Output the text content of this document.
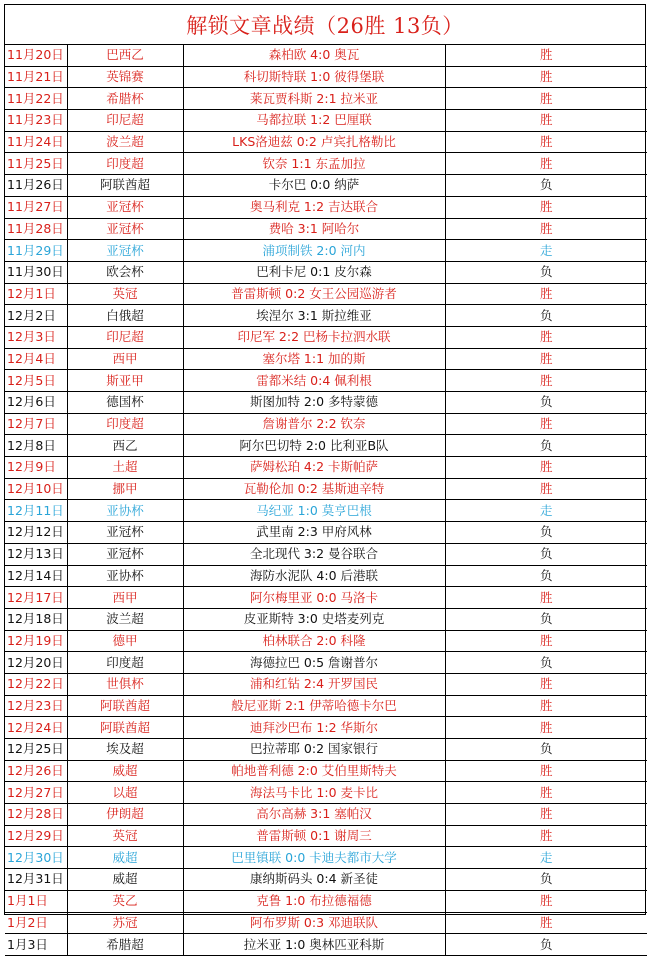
解锁文章战绩（26胜 13负）
11月20日	巴西乙	森柏欧 4:0 奥瓦	胜
11月21日	英锦赛	科切斯特联 1:0 彼得堡联	胜
11月22日	希腊杯	莱瓦贾科斯 2:1 拉米亚	胜
11月23日	印尼超	马都拉联 1:2 巴厘联	胜
11月24日	波兰超	LKS洛迪兹 0:2 卢宾扎格勒比	胜
11月25日	印度超	钦奈 1:1 东孟加拉	胜
11月26日	阿联酋超	卡尔巴 0:0 纳萨	负
11月27日	亚冠杯	奥马利克 1:2 吉达联合	胜
11月28日	亚冠杯	费哈 3:1 阿哈尔	胜
11月29日	亚冠杯	浦项制铁 2:0 河内	走
11月30日	欧会杯	巴利卡尼 0:1 皮尔森	负
12月1日	英冠	普雷斯顿 0:2 女王公园巡游者	胜
12月2日	白俄超	埃涅尔 3:1 斯拉维亚	负
12月3日	印尼超	印尼军 2:2 巴杨卡拉泗水联	胜
12月4日	西甲	塞尔塔 1:1 加的斯	胜
12月5日	斯亚甲	雷都米结 0:4 佩利根	胜
12月6日	德国杯	斯图加特 2:0 多特蒙德	负
12月7日	印度超	詹谢普尔 2:2 钦奈	胜
12月8日	西乙	阿尔巴切特 2:0 比利亚B队	负
12月9日	土超	萨姆松珀 4:2 卡斯帕萨	胜
12月10日	挪甲	瓦勒伦加 0:2 基斯迪辛特	胜
12月11日	亚协杯	马纪亚 1:0 莫亨巴根	走
12月12日	亚冠杯	武里南 2:3 甲府风林	负
12月13日	亚冠杯	全北现代 3:2 曼谷联合	负
12月14日	亚协杯	海防水泥队 4:0 后港联	负
12月17日	西甲	阿尔梅里亚 0:0 马洛卡	胜
12月18日	波兰超	皮亚斯特 3:0 史塔麦列克	负
12月19日	德甲	柏林联合 2:0 科隆	胜
12月20日	印度超	海德拉巴 0:5 詹谢普尔	负
12月22日	世俱杯	浦和红钻 2:4 开罗国民	胜
12月23日	阿联酋超	般尼亚斯 2:1 伊蒂哈德卡尔巴	胜
12月24日	阿联酋超	迪拜沙巴布 1:2 华斯尔	胜
12月25日	埃及超	巴拉蒂耶 0:2 国家银行	负
12月26日	威超	帕地普利德 2:0 艾伯里斯特夫	胜
12月27日	以超	海法马卡比 1:0 麦卡比	胜
12月28日	伊朗超	高尔高赫 3:1 塞帕汉	胜
12月29日	英冠	普雷斯顿 0:1 谢周三	胜
12月30日	威超	巴里镇联 0:0 卡迪夫都市大学	走
12月31日	威超	康纳斯码头 0:4 新圣徒	负
1月1日	英乙	克鲁 1:0 布拉德福德	胜
1月2日	苏冠	阿布罗斯 0:3 邓迪联队	胜
1月3日	希腊超	拉米亚 1:0 奥林匹亚科斯	负
